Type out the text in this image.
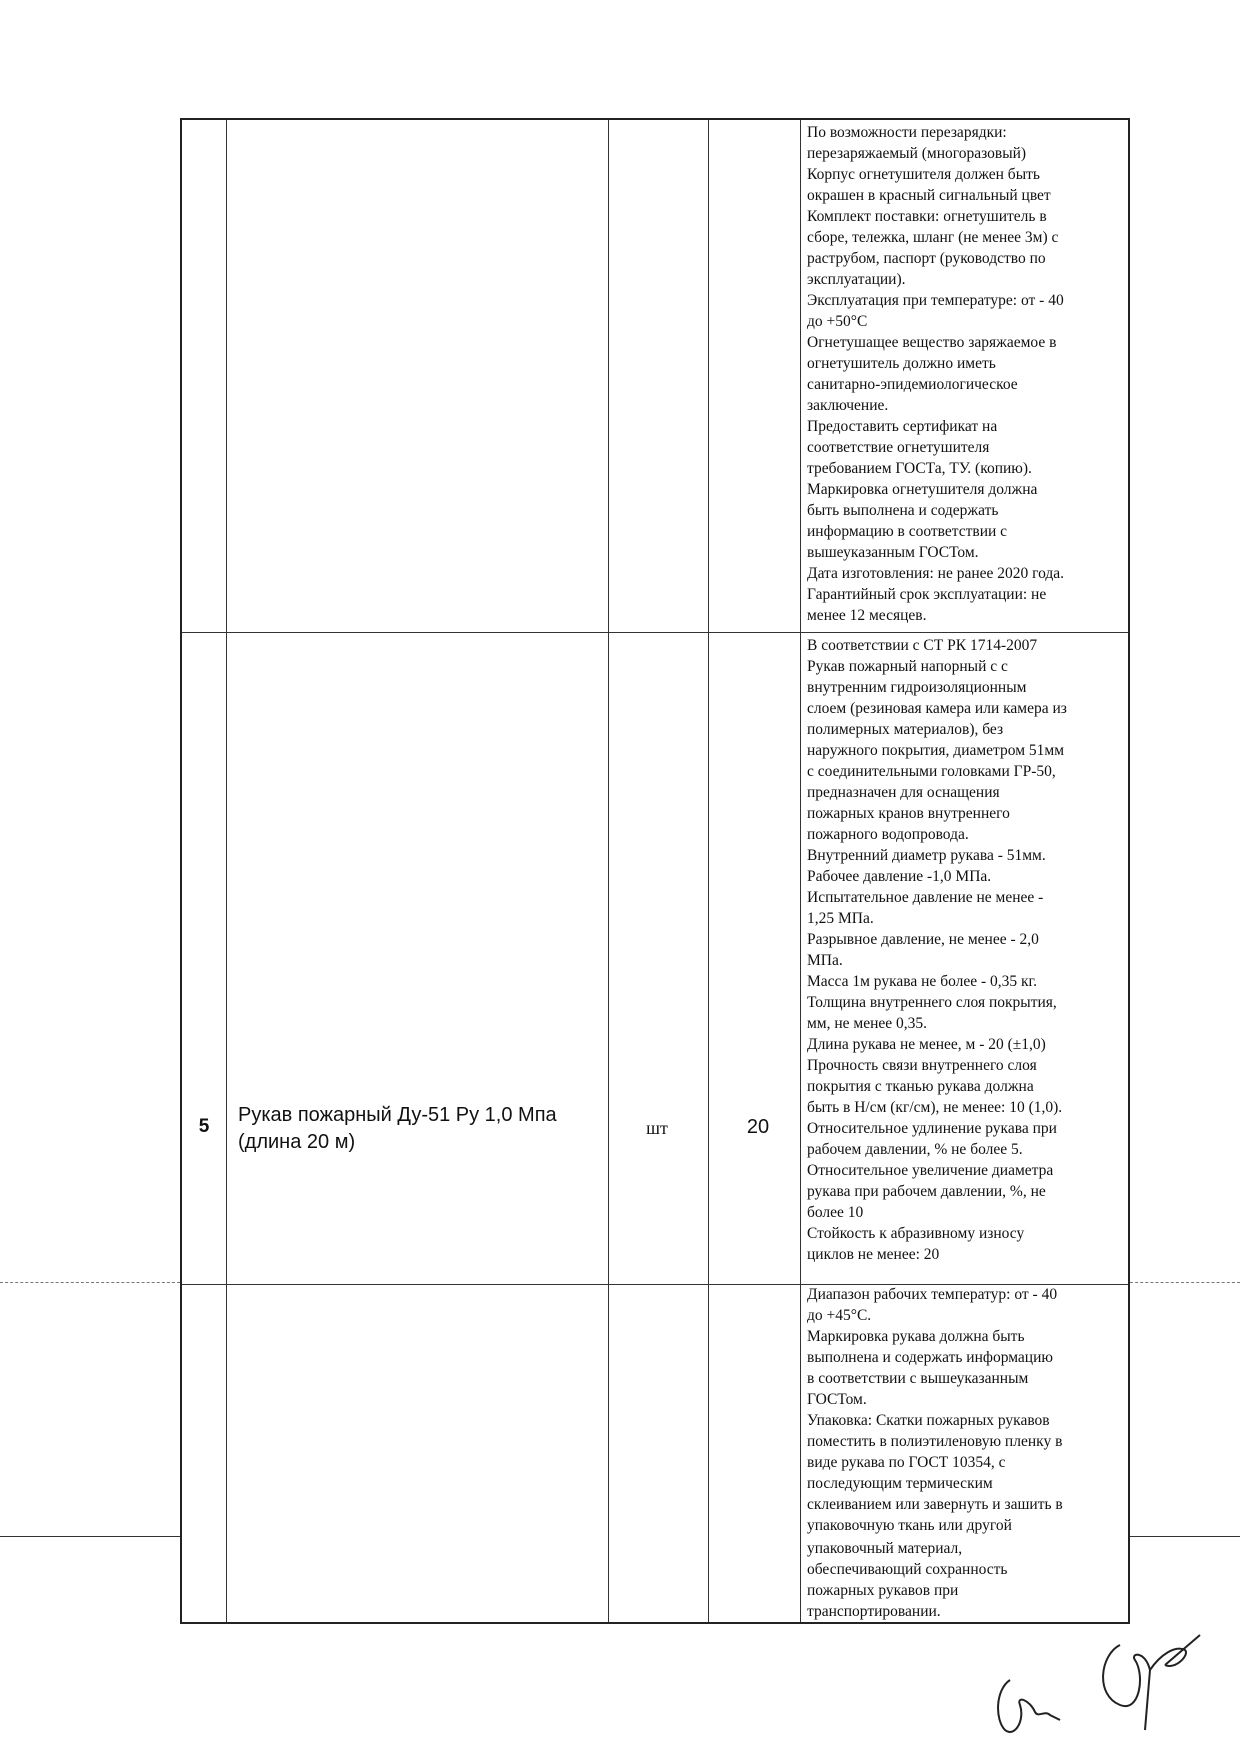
По возможности перезарядки:
перезаряжаемый (многоразовый)
Корпус огнетушителя должен быть
окрашен в красный сигнальный цвет
Комплект поставки: огнетушитель в
сборе, тележка, шланг (не менее 3м) с
раструбом, паспорт (руководство по
эксплуатации).
Эксплуатация при температуре: от - 40
до +50°С
Огнетушащее вещество заряжаемое в
огнетушитель должно иметь
санитарно-эпидемиологическое
заключение.
Предоставить сертификат на
соответствие огнетушителя
требованием ГОСТа, ТУ. (копию).
Маркировка огнетушителя должна
быть выполнена и содержать
информацию в соответствии с
вышеуказанным ГОСТом.
Дата изготовления: не ранее 2020 года.
Гарантийный срок эксплуатации: не
менее 12 месяцев.
5
Рукав пожарный Ду-51 Ру 1,0 Мпа (длина 20 м)
шт	20
В соответствии с СТ РК 1714-2007
Рукав пожарный напорный с с
внутренним гидроизоляционным
слоем (резиновая камера или камера из
полимерных материалов), без
наружного покрытия, диаметром 51мм
с соединительными головками ГР-50,
предназначен для оснащения
пожарных кранов внутреннего
пожарного водопровода.
Внутренний диаметр рукава - 51мм.
Рабочее давление -1,0 МПа.
Испытательное давление не менее -
1,25 МПа.
Разрывное давление, не менее - 2,0
МПа.
Масса 1м рукава не более - 0,35 кг.
Толщина внутреннего слоя покрытия,
мм, не менее 0,35.
Длина рукава не менее, м - 20 (±1,0)
Прочность связи внутреннего слоя
покрытия с тканью рукава должна
быть в Н/см (кг/см), не менее: 10 (1,0).
Относительное удлинение рукава при
рабочем давлении, % не более 5.
Относительное увеличение диаметра
рукава при рабочем давлении, %, не
более 10
Стойкость к абразивному износу
циклов не менее: 20
Диапазон рабочих температур: от - 40
до +45°С.
Маркировка рукава должна быть
выполнена и содержать информацию
в соответствии с вышеуказанным
ГОСТом.
Упаковка: Скатки пожарных рукавов
поместить в полиэтиленовую пленку в
виде рукава по ГОСТ 10354, с
последующим термическим
склеиванием или завернуть и зашить в
упаковочную ткань или другой
упаковочный материал,
обеспечивающий сохранность
пожарных рукавов при
транспортировании.
